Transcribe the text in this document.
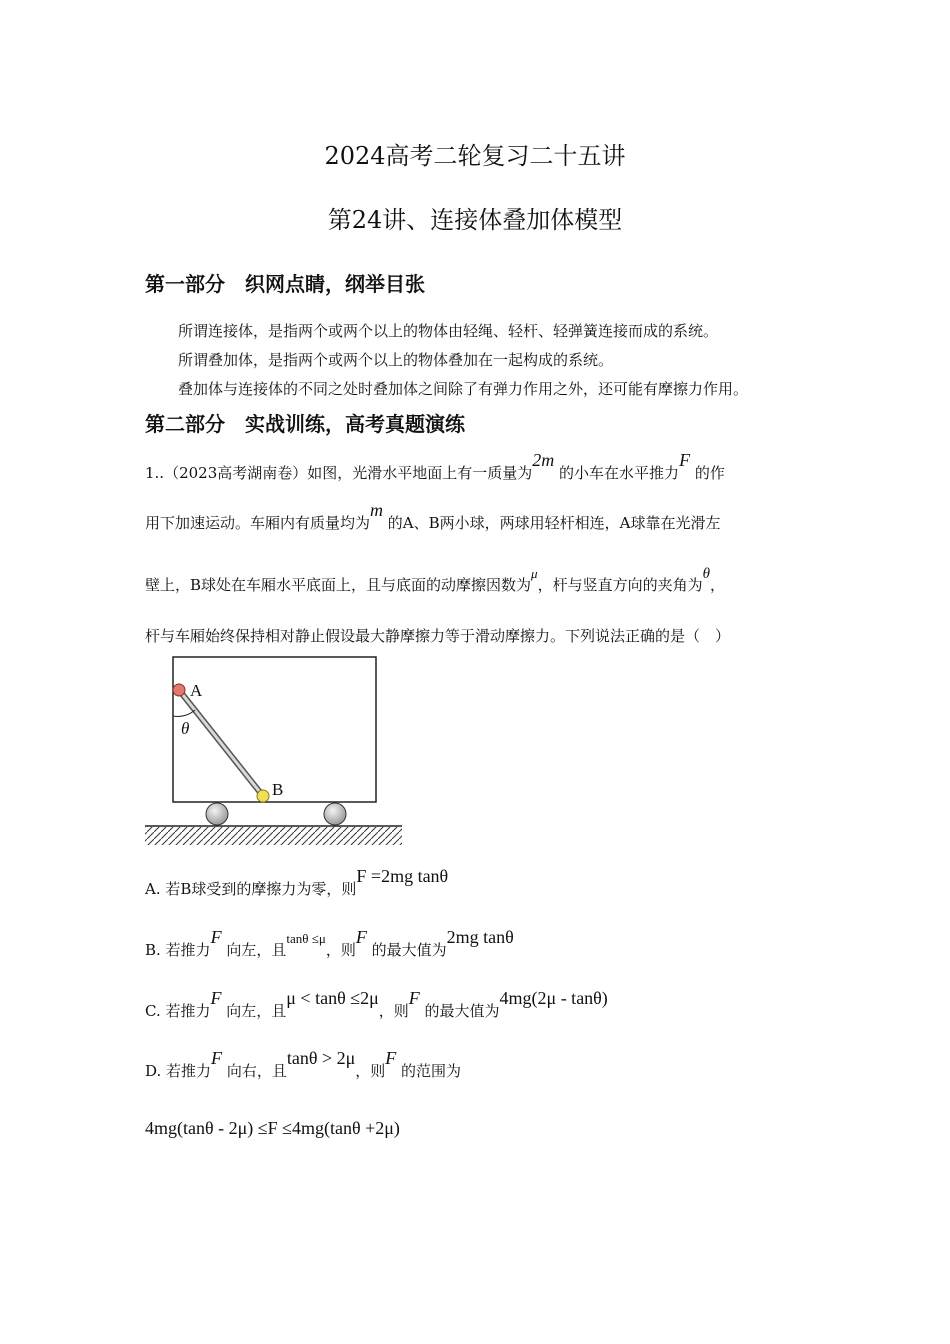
2024高考二轮复习二十五讲
第24讲、连接体叠加体模型
第一部分　织网点睛，纲举目张
所谓连接体，是指两个或两个以上的物体由轻绳、轻杆、轻弹簧连接而成的系统。
所谓叠加体，是指两个或两个以上的物体叠加在一起构成的系统。
叠加体与连接体的不同之处时叠加体之间除了有弹力作用之外，还可能有摩擦力作用。
第二部分　实战训练，高考真题演练
1..（2023高考湖南卷）如图，光滑水平地面上有一质量为2m 的小车在水平推力F 的作
用下加速运动。车厢内有质量均为m 的A、B两小球，两球用轻杆相连，A球靠在光滑左
壁上，B球处在车厢水平底面上，且与底面的动摩擦因数为μ，杆与竖直方向的夹角为θ，
杆与车厢始终保持相对静止假设最大静摩擦力等于滑动摩擦力。下列说法正确的是（　）
A
B
θ
A. 若B球受到的摩擦力为零，则F =2mg tanθ
B. 若推力F 向左，且tanθ ≤μ，则F 的最大值为2mg tanθ
C. 若推力F 向左，且μ < tanθ ≤2μ，则F 的最大值为4mg(2μ - tanθ)
D. 若推力F 向右，且tanθ > 2μ，则F 的范围为
4mg(tanθ - 2μ) ≤F ≤4mg(tanθ +2μ)
